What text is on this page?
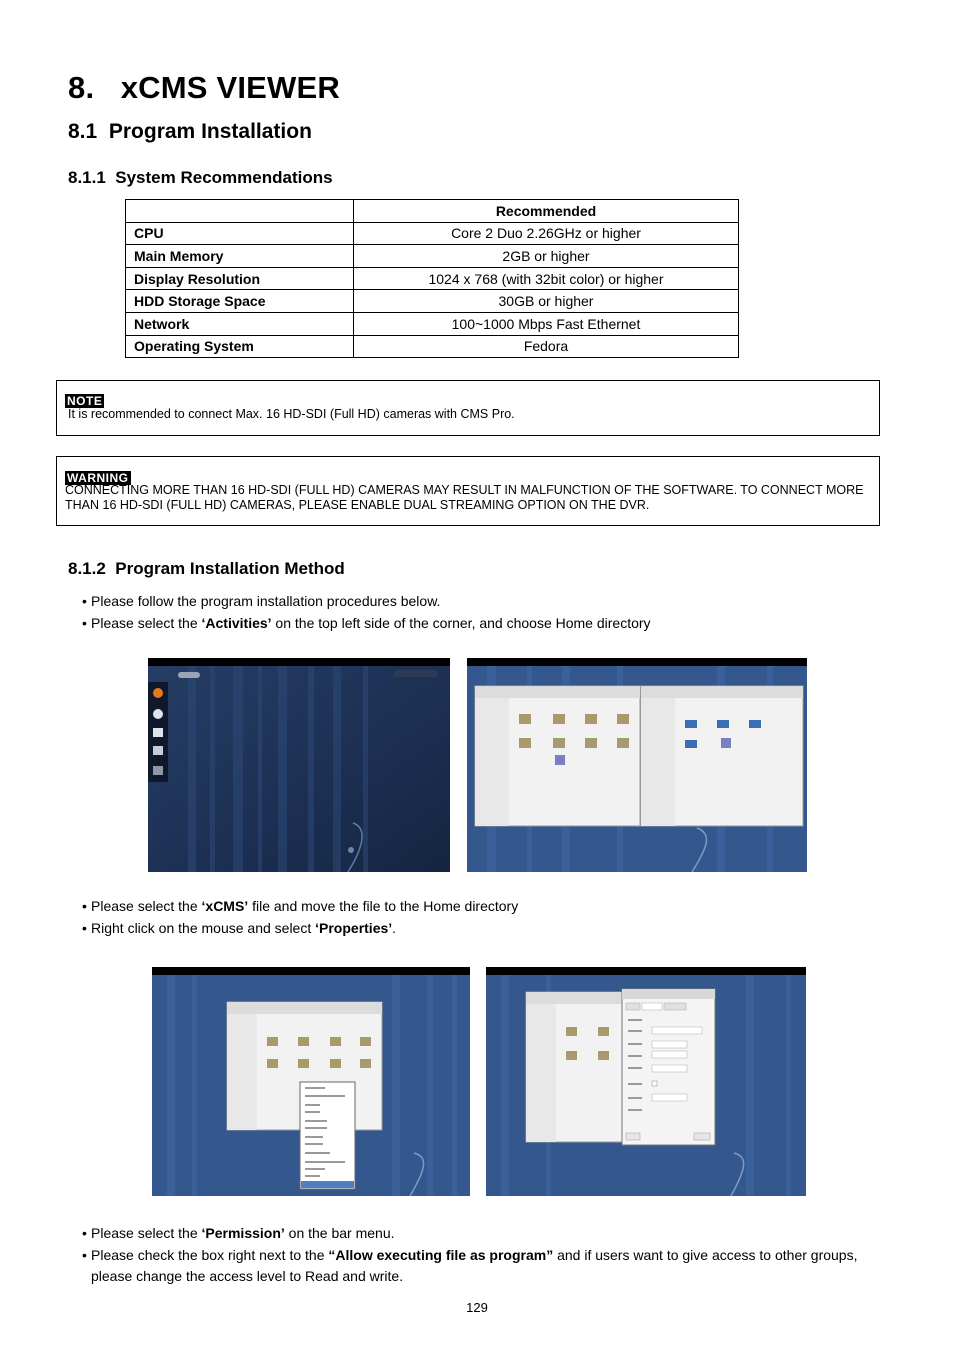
8. xCMS VIEWER
8.1 Program Installation
8.1.1 System Recommendations
	Recommended
CPU	Core 2 Duo 2.26GHz or higher
Main Memory	2GB or higher
Display Resolution	1024 x 768 (with 32bit color) or higher
HDD Storage Space	30GB or higher
Network	100~1000 Mbps Fast Ethernet
Operating System	Fedora
NOTE
It is recommended to connect Max. 16 HD-SDI (Full HD) cameras with CMS Pro.
WARNING
CONNECTING MORE THAN 16 HD-SDI (FULL HD) CAMERAS MAY RESULT IN MALFUNCTION OF THE SOFTWARE. TO CONNECT MORE THAN 16 HD-SDI (FULL HD) CAMERAS, PLEASE ENABLE DUAL STREAMING OPTION ON THE DVR.
8.1.2 Program Installation Method
• Please follow the program installation procedures below.
• Please select the ‘Activities’ on the top left side of the corner, and choose Home directory
• Please select the ‘xCMS’ file and move the file to the Home directory
• Right click on the mouse and select ‘Properties’.
• Please select the ‘Permission’ on the bar menu.
• Please check the box right next to the “Allow executing file as program” and if users want to give access to other groups, please change the access level to Read and write.
129
